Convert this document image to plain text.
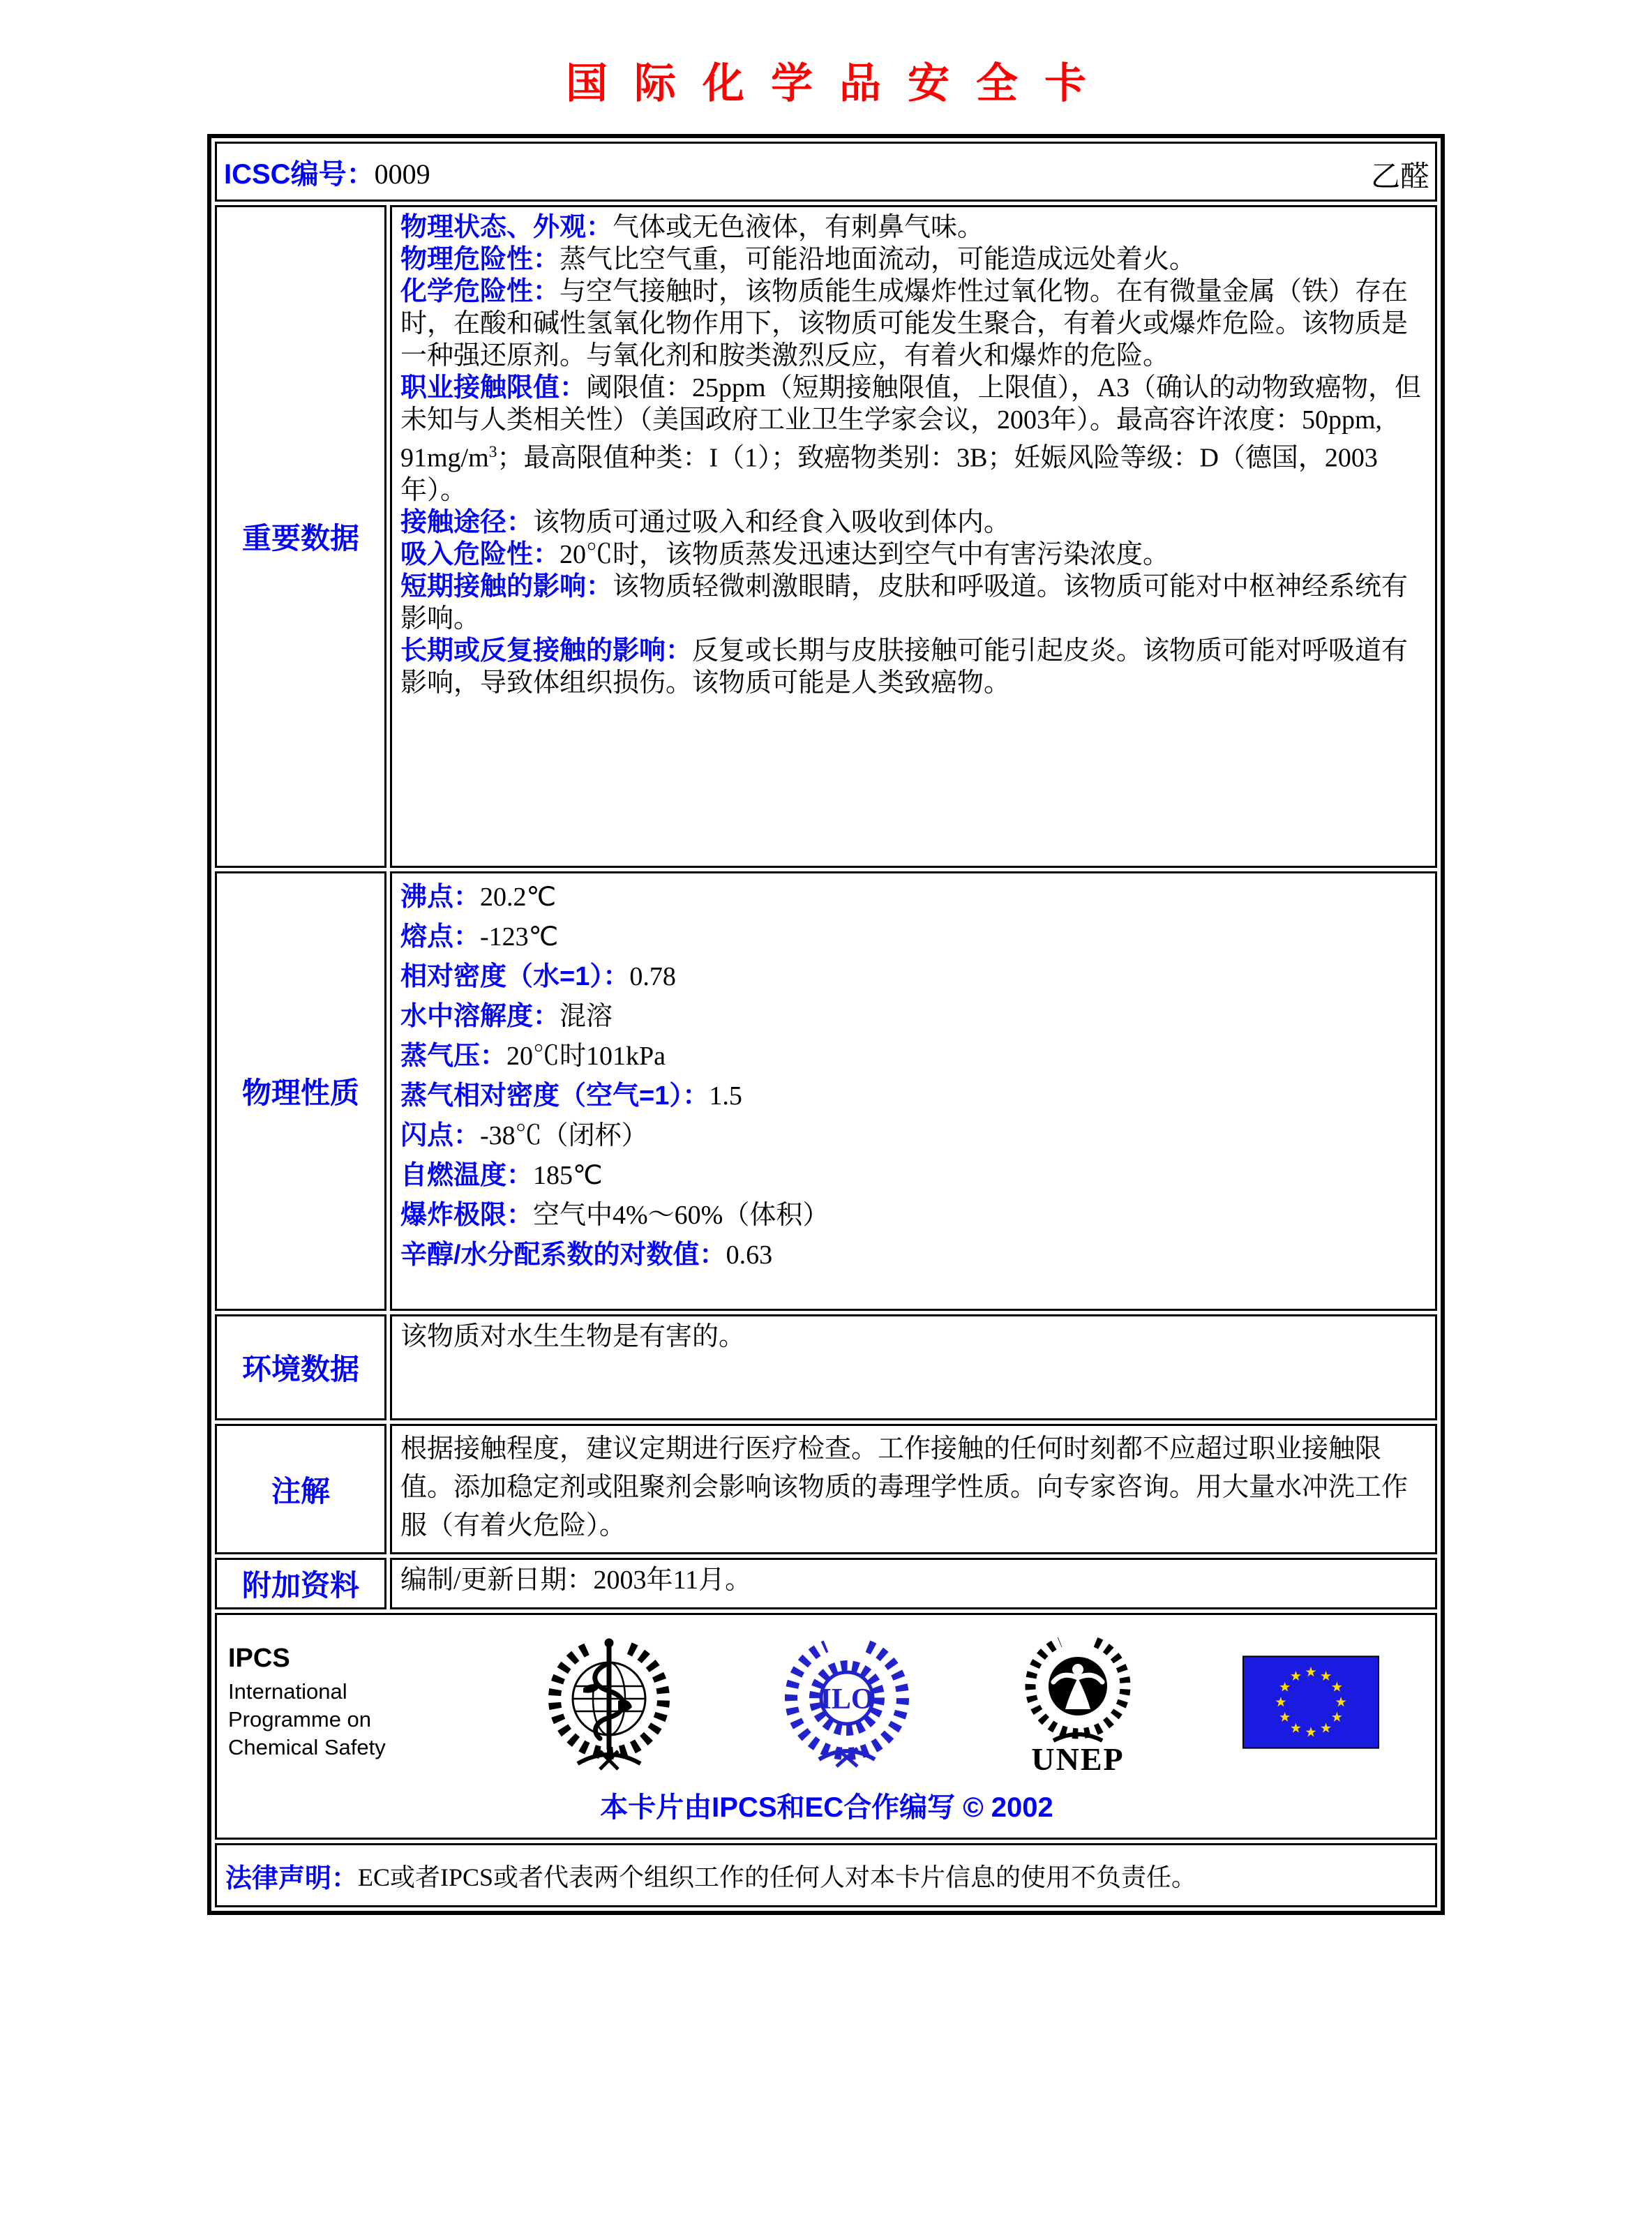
国际化学品安全卡
ICSC编号：0009	乙醛
重要数据
物理状态、外观：气体或无色液体，有刺鼻气味。
物理危险性：蒸气比空气重，可能沿地面流动，可能造成远处着火。
化学危险性：与空气接触时，该物质能生成爆炸性过氧化物。在有微量金属（铁）存在时，在酸和碱性氢氧化物作用下，该物质可能发生聚合，有着火或爆炸危险。该物质是一种强还原剂。与氧化剂和胺类激烈反应，有着火和爆炸的危险。
职业接触限值：阈限值：25ppm（短期接触限值，上限值），A3（确认的动物致癌物，但未知与人类相关性）（美国政府工业卫生学家会议，2003年）。最高容许浓度：50ppm, $91mg/m^3$；最高限值种类：I（1）；致癌物类别：3B；妊娠风险等级：D（德国，2003年）。
接触途径：该物质可通过吸入和经食入吸收到体内。
吸入危险性：20℃时，该物质蒸发迅速达到空气中有害污染浓度。
短期接触的影响：该物质轻微刺激眼睛，皮肤和呼吸道。该物质可能对中枢神经系统有影响。
长期或反复接触的影响：反复或长期与皮肤接触可能引起皮炎。该物质可能对呼吸道有影响，导致体组织损伤。该物质可能是人类致癌物。
物理性质
沸点：20.2℃
熔点：-123℃
相对密度（水=1）：0.78
水中溶解度：混溶
蒸气压：20℃时101kPa
蒸气相对密度（空气=1）：1.5
闪点：-38℃（闭杯）
自燃温度：185℃
爆炸极限：空气中4%～60%（体积）
辛醇/水分配系数的对数值：0.63
环境数据
该物质对水生生物是有害的。
注解
根据接触程度，建议定期进行医疗检查。工作接触的任何时刻都不应超过职业接触限值。添加稳定剂或阻聚剂会影响该物质的毒理学性质。向专家咨询。用大量水冲洗工作服（有着火危险）。
附加资料	编制/更新日期：2003年11月。
IPCS
International
Programme on
Chemical Safety
ILO
UNEP
本卡片由IPCS和EC合作编写 © 2002
法律声明： EC或者IPCS或者代表两个组织工作的任何人对本卡片信息的使用不负责任。
